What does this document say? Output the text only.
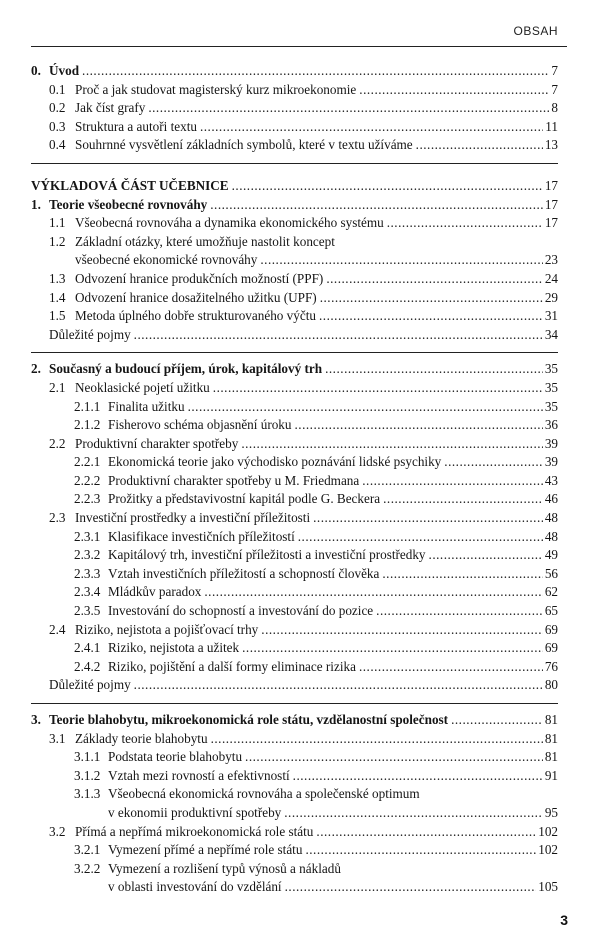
OBSAH
0. Úvod . . .	7
0.1 Proč a jak studovat magisterský kurz mikroekonomie . . .	7
0.2 Jak číst grafy . . .	8
0.3 Struktura a autoři textu . . .	11
0.4 Souhrnné vysvětlení základních symbolů, které v textu užíváme . . .	13
VÝKLADOVÁ ČÁST UČEBNICE . . .	17
1. Teorie všeobecné rovnováhy . . .	17
1.1 Všeobecná rovnováha a dynamika ekonomického systému . . .	17
1.2 Základní otázky, které umožňuje nastolit koncept
všeobecné ekonomické rovnováhy . . .	23
1.3 Odvození hranice produkčních možností (PPF) . . .	24
1.4 Odvození hranice dosažitelného užitku (UPF) . . .	29
1.5 Metoda úplného dobře strukturovaného výčtu . . .	31
Důležité pojmy . . .	34
2. Současný a budoucí příjem, úrok, kapitálový trh . . .	35
2.1 Neoklasické pojetí užitku . . .	35
2.1.1 Finalita užitku . . .	35
2.1.2 Fisherovo schéma objasnění úroku . . .	36
2.2 Produktivní charakter spotřeby . . .	39
2.2.1 Ekonomická teorie jako východisko poznávání lidské psychiky . . .	39
2.2.2 Produktivní charakter spotřeby u M. Friedmana . . .	43
2.2.3 Prožitky a představivostní kapitál podle G. Beckera . . .	46
2.3 Investiční prostředky a investiční příležitosti . . .	48
2.3.1 Klasifikace investičních příležitostí . . .	48
2.3.2 Kapitálový trh, investiční příležitosti a investiční prostředky . . .	49
2.3.3 Vztah investičních příležitostí a schopností člověka . . .	56
2.3.4 Mládkův paradox . . .	62
2.3.5 Investování do schopností a investování do pozice . . .	65
2.4 Riziko, nejistota a pojišťovací trhy . . .	69
2.4.1 Riziko, nejistota a užitek . . .	69
2.4.2 Riziko, pojištění a další formy eliminace rizika . . .	76
Důležité pojmy . . .	80
3. Teorie blahobytu, mikroekonomická role státu, vzdělanostní společnost . . .	81
3.1 Základy teorie blahobytu . . .	81
3.1.1 Podstata teorie blahobytu . . .	81
3.1.2 Vztah mezi rovností a efektivností . . .	91
3.1.3 Všeobecná ekonomická rovnováha a společenské optimum
v ekonomii produktivní spotřeby . . .	95
3.2 Přímá a nepřímá mikroekonomická role státu . . .	102
3.2.1 Vymezení přímé a nepřímé role státu . . .	102
3.2.2 Vymezení a rozlišení typů výnosů a nákladů
v oblasti investování do vzdělání . . .	105
3
